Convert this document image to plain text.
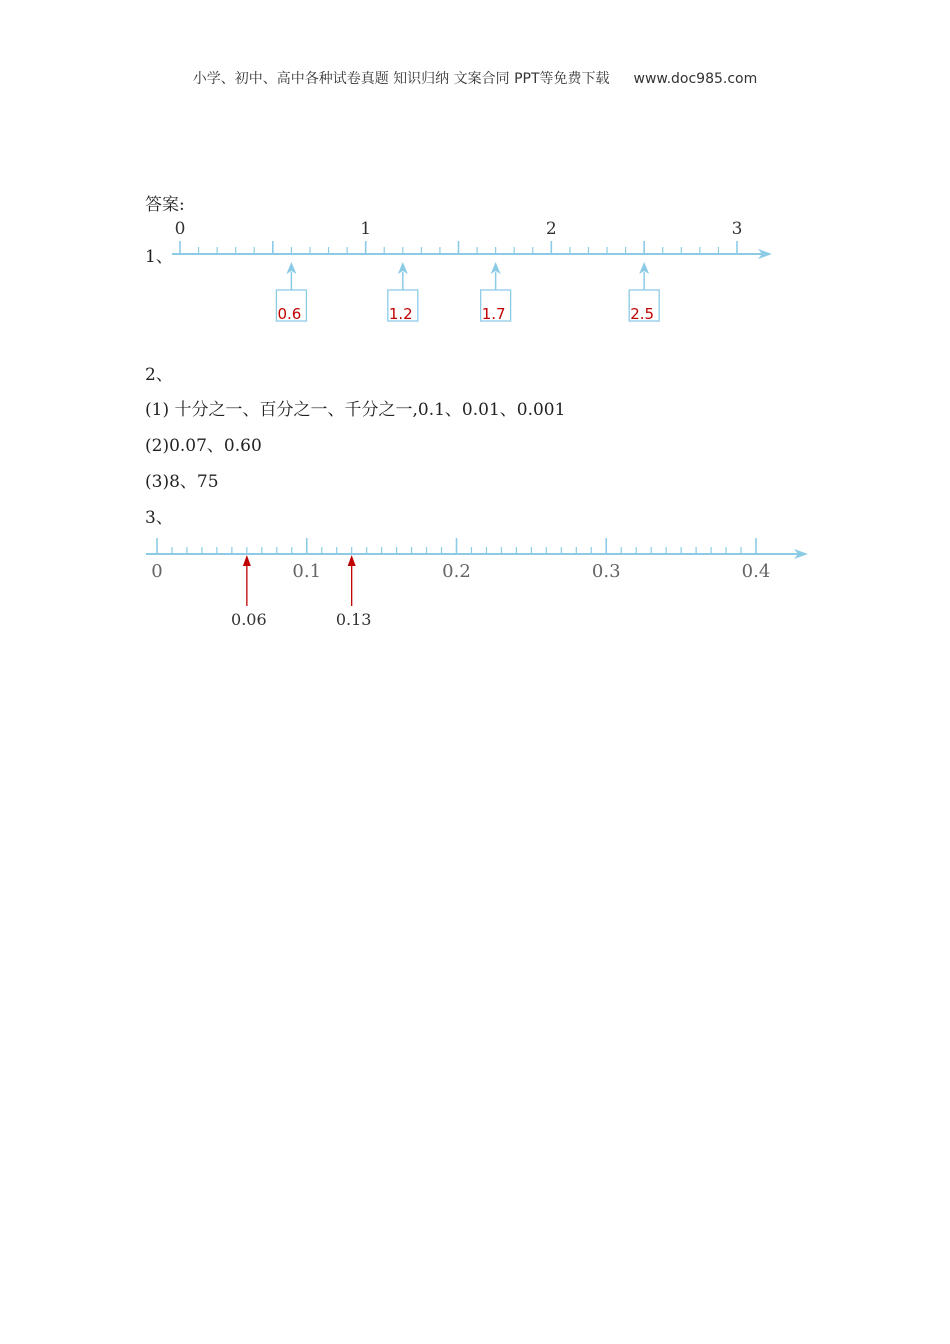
小学、初中、高中各种试卷真题 知识归纳 文案合同 PPT等免费下载 www.doc985.com
答案:
1、
0	1	2	3
0.6	1.2	1.7	2.5
2、
(1) 十分之一、百分之一、千分之一,0.1、0.01、0.001
(2)0.07、0.60
(3)8、75
3、
0	0.1	0.2	0.3	0.4
0.06	0.13
